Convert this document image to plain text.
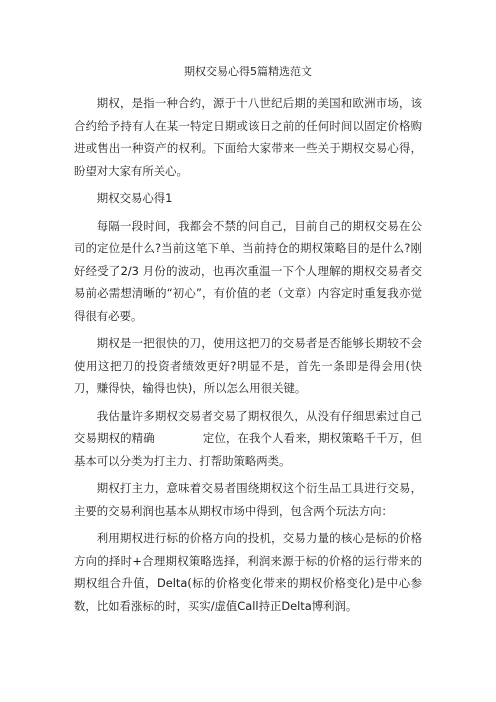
期权交易心得5篇精选范文

期权，是指一种合约，源于十八世纪后期的美国和欧洲市场，该合约给予持有人在某一特定日期或该日之前的任何时间以固定价格购进或售出一种资产的权利。下面给大家带来一些关于期权交易心得，盼望对大家有所关心。

期权交易心得1

每隔一段时间，我都会不禁的问自己，目前自己的期权交易在公司的定位是什么?当前这笔下单、当前持仓的期权策略目的是什么?刚好经受了2/3 月份的波动，也再次重温一下个人理解的期权交易者交易前必需想清晰的“初心”，有价值的老（文章）内容定时重复我亦觉得很有必要。

期权是一把很快的刀，使用这把刀的交易者是否能够长期较不会使用这把刀的投资者绩效更好?明显不是，首先一条即是得会用(快刀，赚得快，输得也快)，所以怎么用很关键。

我估量许多期权交易者交易了期权很久，从没有仔细思索过自己交易期权的精确	定位，在我个人看来，期权策略千千万，但基本可以分类为打主力、打帮助策略两类。

期权打主力，意味着交易者围绕期权这个衍生品工具进行交易，主要的交易利润也基本从期权市场中得到，包含两个玩法方向：

利用期权进行标的价格方向的投机，交易力量的核心是标的价格方向的择时+合理期权策略选择，利润来源于标的价格的运行带来的期权组合升值，Delta(标的价格变化带来的期权价格变化)是中心参数，比如看涨标的时，买实/虚值Call持正Delta博利润。
